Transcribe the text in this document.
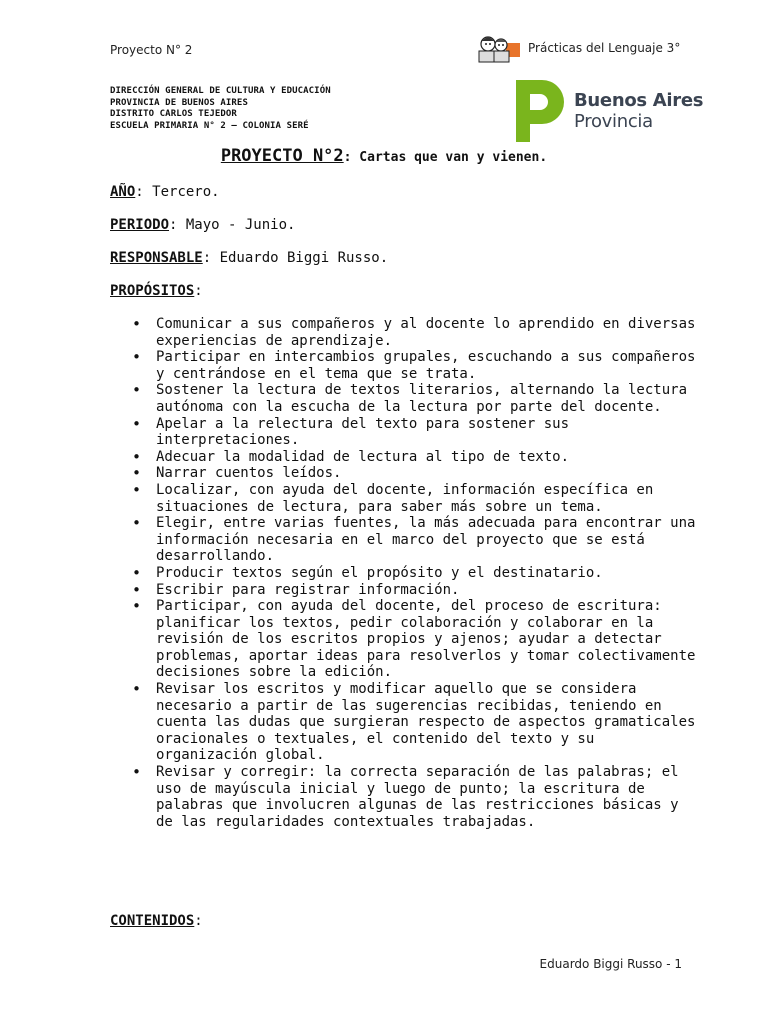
Proyecto N° 2	Prácticas del Lenguaje 3°
DIRECCIÓN GENERAL DE CULTURA Y EDUCACIÓN
PROVINCIA DE BUENOS AIRES
DISTRITO CARLOS TEJEDOR
ESCUELA PRIMARIA N° 2 – COLONIA SERÉ
Buenos Aires
Provincia
PROYECTO N°2: Cartas que van y vienen.
AÑO: Tercero.
PERIODO: Mayo - Junio.
RESPONSABLE: Eduardo Biggi Russo.
PROPÓSITOS:
• Comunicar a sus compañeros y al docente lo aprendido en diversas experiencias de aprendizaje.
• Participar en intercambios grupales, escuchando a sus compañeros y centrándose en el tema que se trata.
• Sostener la lectura de textos literarios, alternando la lectura autónoma con la escucha de la lectura por parte del docente.
• Apelar a la relectura del texto para sostener sus interpretaciones.
• Adecuar la modalidad de lectura al tipo de texto.
• Narrar cuentos leídos.
• Localizar, con ayuda del docente, información específica en situaciones de lectura, para saber más sobre un tema.
• Elegir, entre varias fuentes, la más adecuada para encontrar una información necesaria en el marco del proyecto que se está desarrollando.
• Producir textos según el propósito y el destinatario.
• Escribir para registrar información.
• Participar, con ayuda del docente, del proceso de escritura: planificar los textos, pedir colaboración y colaborar en la revisión de los escritos propios y ajenos; ayudar a detectar problemas, aportar ideas para resolverlos y tomar colectivamente decisiones sobre la edición.
• Revisar los escritos y modificar aquello que se considera necesario a partir de las sugerencias recibidas, teniendo en cuenta las dudas que surgieran respecto de aspectos gramaticales oracionales o textuales, el contenido del texto y su organización global.
• Revisar y corregir: la correcta separación de las palabras; el uso de mayúscula inicial y luego de punto; la escritura de palabras que involucren algunas de las restricciones básicas y de las regularidades contextuales trabajadas.
CONTENIDOS:
Eduardo Biggi Russo - 1
